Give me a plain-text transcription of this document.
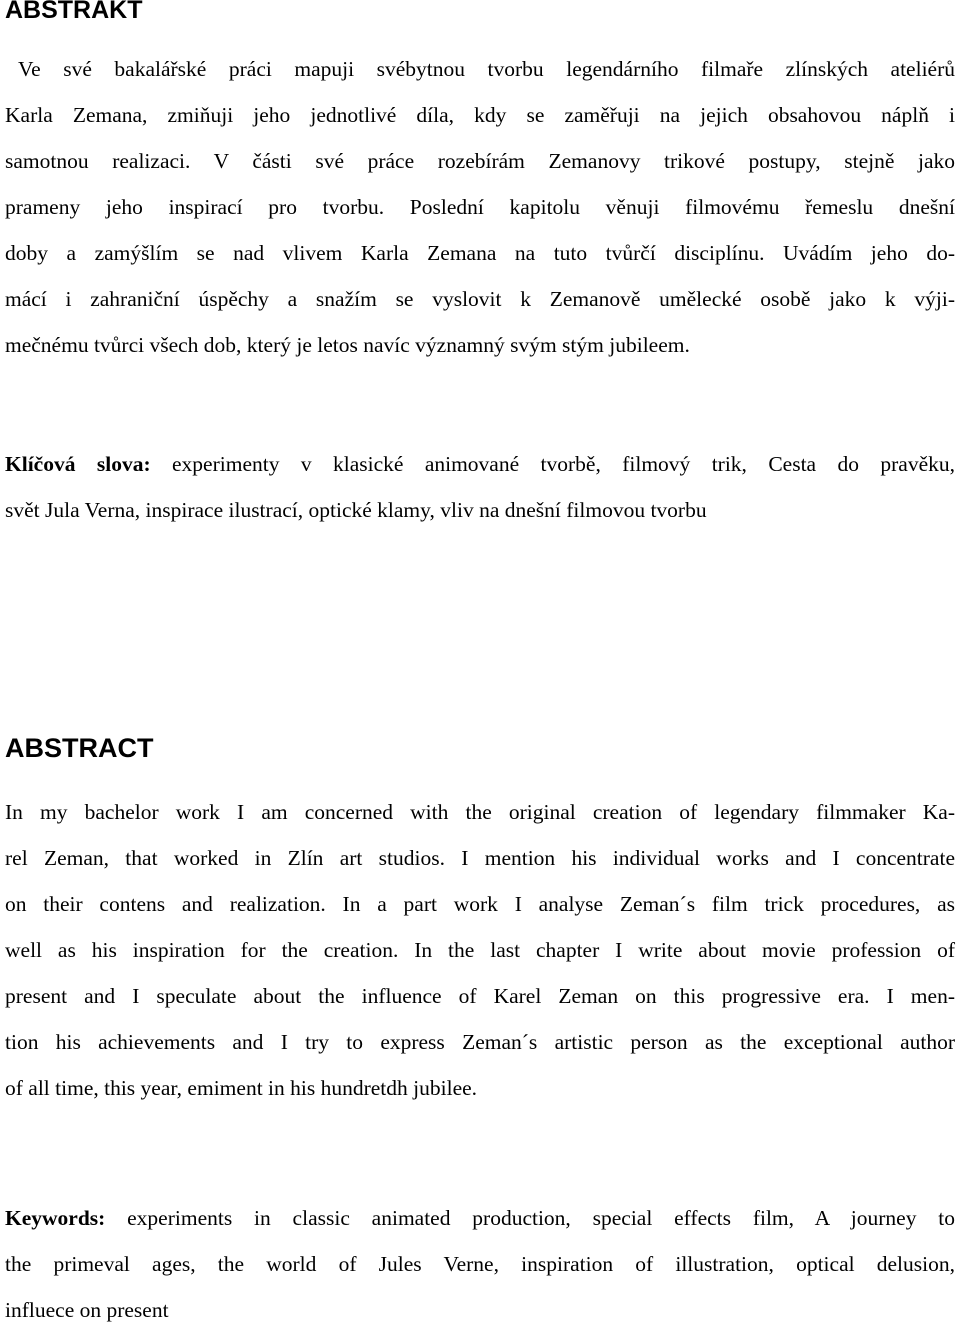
ABSTRAKT
Ve své bakalářské práci mapuji svébytnou tvorbu legendárního filmaře zlínských ateliérů
Karla Zemana, zmiňuji jeho jednotlivé díla, kdy se zaměřuji na jejich obsahovou náplň i
samotnou realizaci. V části své práce rozebírám Zemanovy trikové postupy, stejně jako
prameny jeho inspirací pro tvorbu. Poslední kapitolu věnuji filmovému řemeslu dnešní
doby a zamýšlím se nad vlivem Karla Zemana na tuto tvůrčí disciplínu. Uvádím jeho do-
mácí i zahraniční úspěchy a snažím se vyslovit k Zemanově umělecké osobě jako k výji-
mečnému tvůrci všech dob, který je letos navíc významný svým stým jubileem.
Klíčová slova: experimenty v klasické animované tvorbě, filmový trik, Cesta do pravěku,
svět Jula Verna, inspirace ilustrací, optické klamy, vliv na dnešní filmovou tvorbu
ABSTRACT
In my bachelor work I am concerned with the original creation of legendary filmmaker Ka-
rel Zeman, that worked in Zlín art studios. I mention his individual works and I concentrate
on their contens and realization. In a part work I analyse Zeman´s film trick procedures, as
well as his inspiration for the creation. In the last chapter I write about movie profession of
present and I speculate about the influence of Karel Zeman on this progressive era. I men-
tion his achievements and I try to express Zeman´s artistic person as the exceptional author
of all time, this year, emiment in his hundretdh jubilee.
Keywords: experiments in classic animated production, special effects film, A journey to
the primeval ages, the world of Jules Verne, inspiration of illustration, optical delusion,
influece on present
